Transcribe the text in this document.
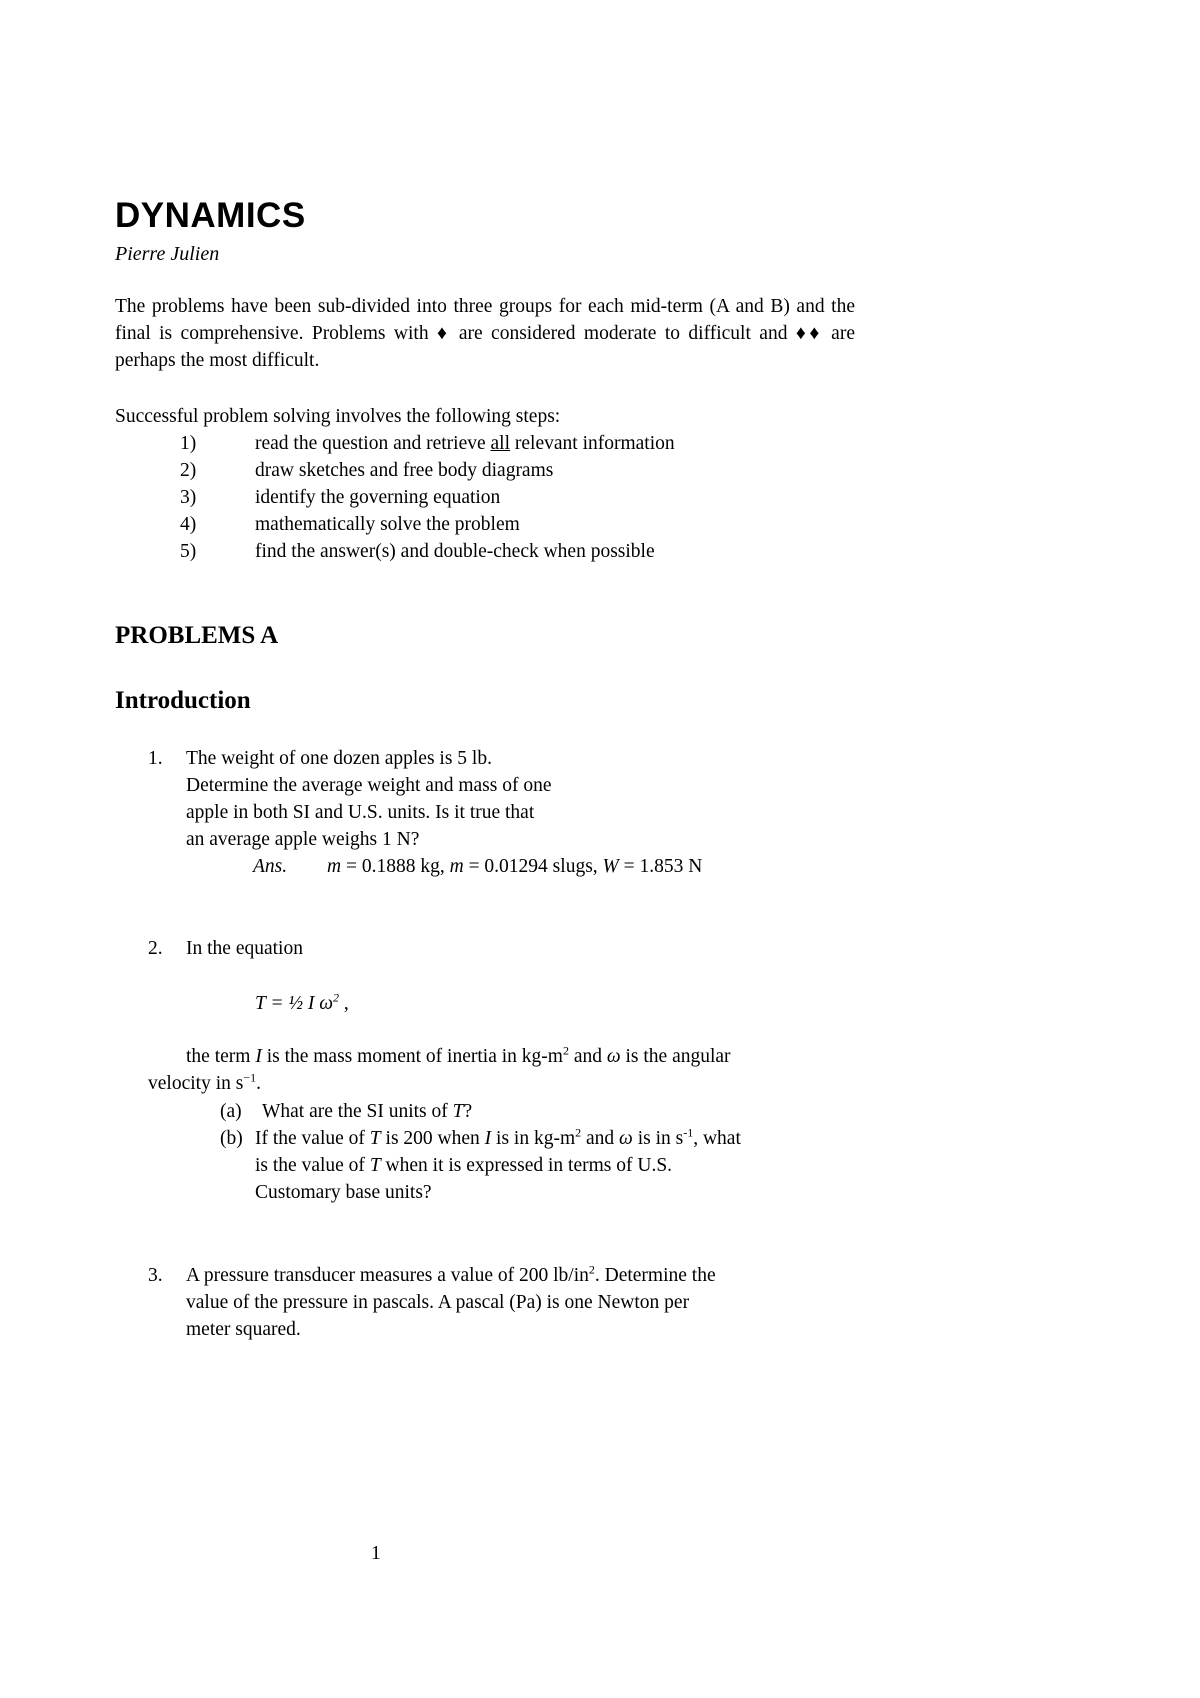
DYNAMICS
Pierre Julien
The problems have been sub-divided into three groups for each mid-term (A and B) and the final is comprehensive. Problems with ♦ are considered moderate to difficult and ♦♦ are perhaps the most difficult.
Successful problem solving involves the following steps:
1)	read the question and retrieve all relevant information
2)	draw sketches and free body diagrams
3)	identify the governing equation
4)	mathematically solve the problem
5)	find the answer(s) and double-check when possible
PROBLEMS A
Introduction
1. The weight of one dozen apples is 5 lb.
Determine the average weight and mass of one
apple in both SI and U.S. units. Is it true that
an average apple weighs 1 N?
Ans. m = 0.1888 kg, m = 0.01294 slugs, W = 1.853 N
2. In the equation
T = ½ I $\omega^2$ ,
the term I is the mass moment of inertia in $kg-m^2$ and ω is the angular
velocity in $s^{-1}$.
(a) What are the SI units of T?
(b) If the value of T is 200 when I is in $kg-m^2$ and ω is in $s^{-1}$, what
is the value of T when it is expressed in terms of U.S.
Customary base units?
3. A pressure transducer measures a value of 200 $lb/in^2$. Determine the
value of the pressure in pascals. A pascal (Pa) is one Newton per
meter squared.
1
